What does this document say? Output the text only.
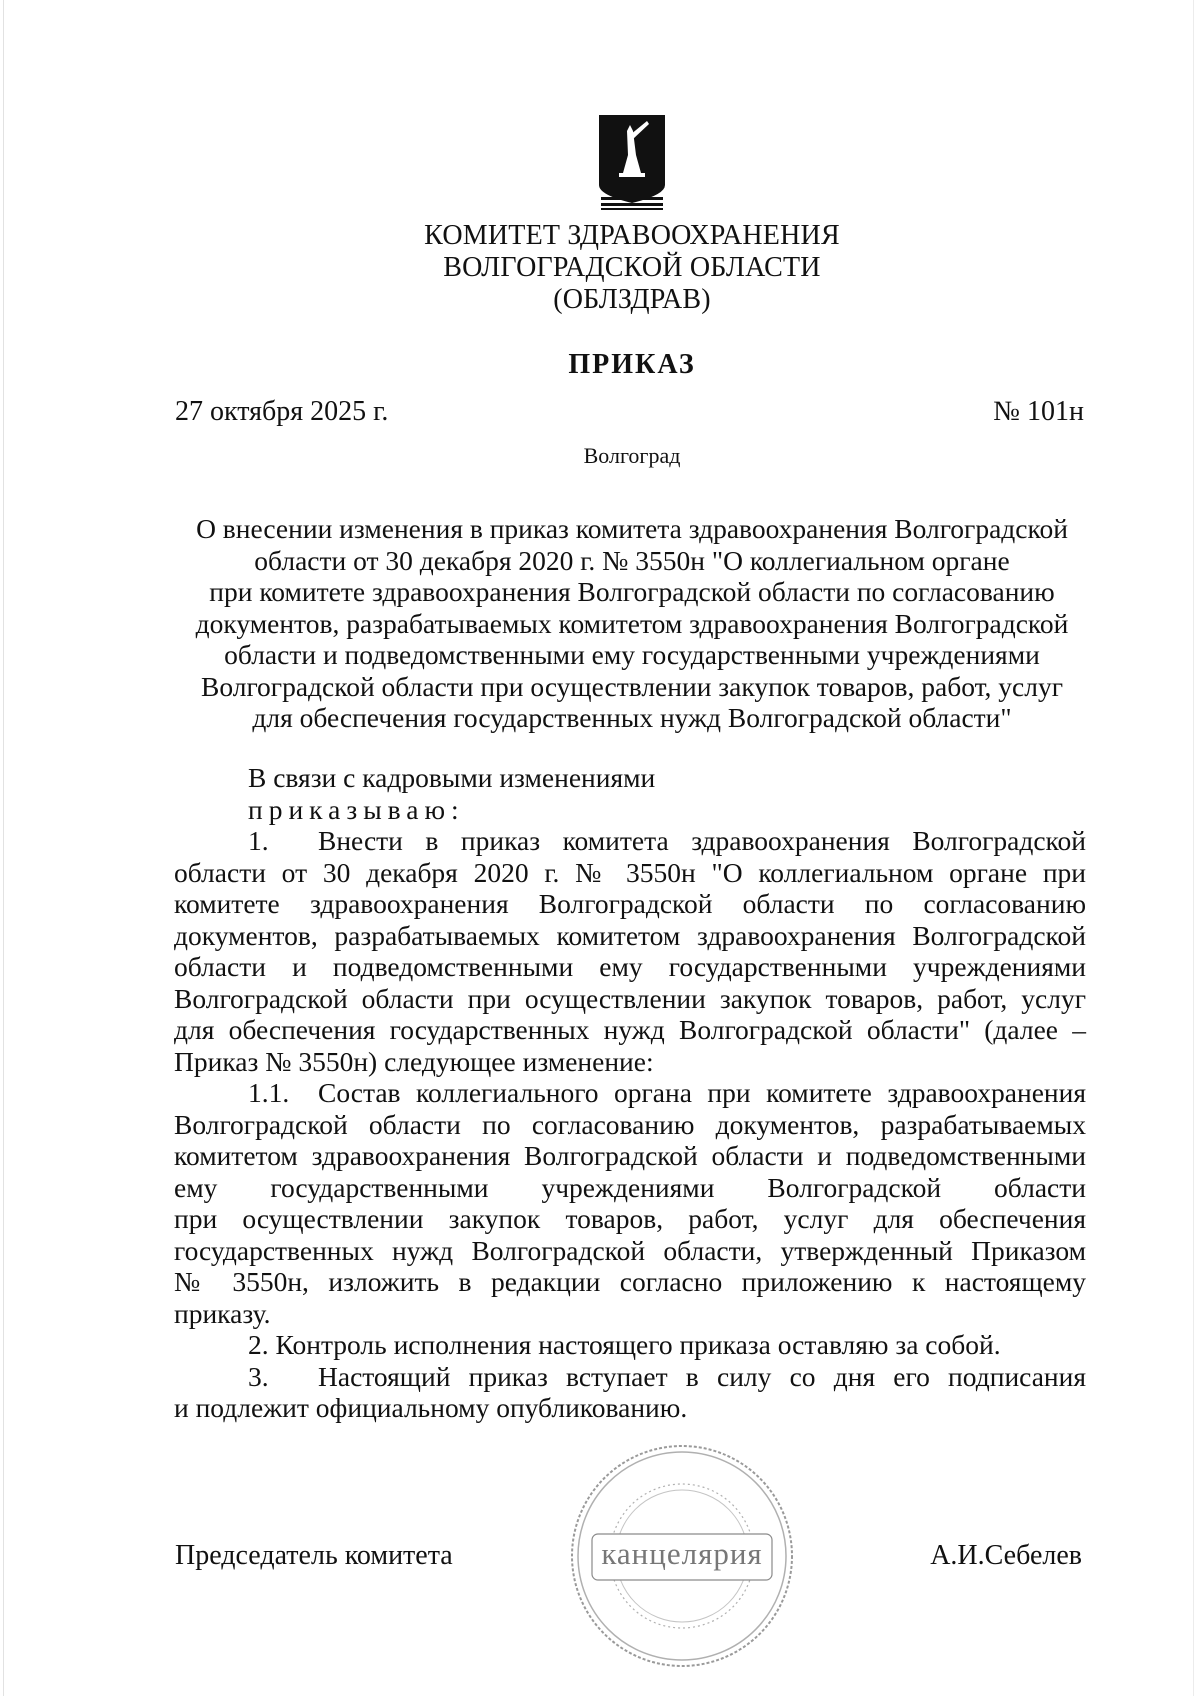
КОМИТЕТ ЗДРАВООХРАНЕНИЯ
ВОЛГОГРАДСКОЙ ОБЛАСТИ
(ОБЛЗДРАВ)
ПРИКАЗ
27 октября 2025 г.	№ 101н
Волгоград
О внесении изменения в приказ комитета здравоохранения Волгоградской
области от 30 декабря 2020 г. № 3550н "О коллегиальном органе
при комитете здравоохранения Волгоградской области по согласованию
документов, разрабатываемых комитетом здравоохранения Волгоградской
области и подведомственными ему государственными учреждениями
Волгоградской области при осуществлении закупок товаров, работ, услуг
для обеспечения государственных нужд Волгоградской области"
В связи с кадровыми изменениями
приказываю:
1.	Внести в приказ комитета здравоохранения Волгоградской
области от 30 декабря 2020 г. № 3550н "О коллегиальном органе при
комитете здравоохранения Волгоградской области по согласованию
документов, разрабатываемых комитетом здравоохранения Волгоградской
области и подведомственными ему государственными учреждениями
Волгоградской области при осуществлении закупок товаров, работ, услуг
для обеспечения государственных нужд Волгоградской области" (далее –
Приказ № 3550н) следующее изменение:
1.1.	Состав коллегиального органа при комитете здравоохранения
Волгоградской области по согласованию документов, разрабатываемых
комитетом здравоохранения Волгоградской области и подведомственными
ему государственными учреждениями Волгоградской области
при осуществлении закупок товаров, работ, услуг для обеспечения
государственных нужд Волгоградской области, утвержденный Приказом
№ 3550н, изложить в редакции согласно приложению к настоящему
приказу.
2. Контроль исполнения настоящего приказа оставляю за собой.
3.	Настоящий приказ вступает в силу со дня его подписания
и подлежит официальному опубликованию.
канцелярия
Председатель комитета	А.И.Себелев
